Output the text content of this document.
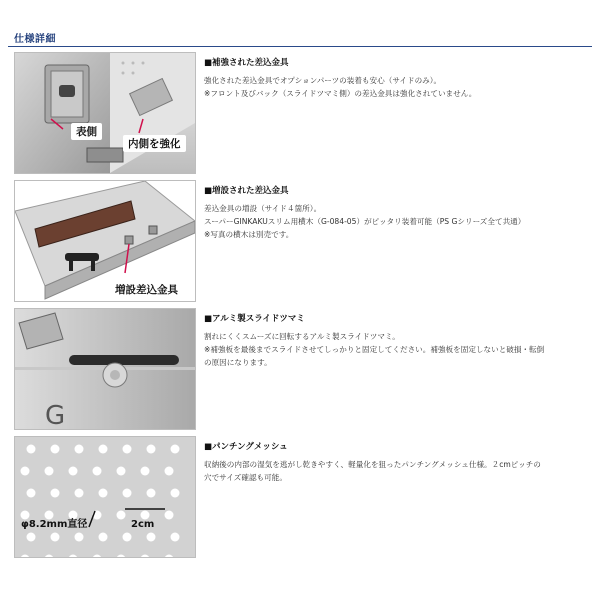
仕様詳細
表側
内側を強化
■補強された差込金具
強化された差込金具でオプションパーツの装着も安心（サイドのみ）。
※フロント及びバック（スライドツマミ側）の差込金具は強化されていません。
増設差込金具
■増設された差込金具
差込金具の増設（サイド４箇所）。
スーパーGINKAKUスリム用横木（G-084-05）がピッタリ装着可能（PS Gシリーズ全て共通）
※写真の横木は別売です。
G
■アルミ製スライドツマミ
割れにくくスムーズに回転するアルミ製スライドツマミ。
※補強板を最後までスライドさせてしっかりと固定してください。補強板を固定しないと破損・転倒
の原因になります。
φ8.2mm直径	2cm
■パンチングメッシュ
収納後の内部の湿気を逃がし乾きやすく、軽量化を狙ったパンチングメッシュ仕様。２cmピッチの
穴でサイズ確認も可能。
